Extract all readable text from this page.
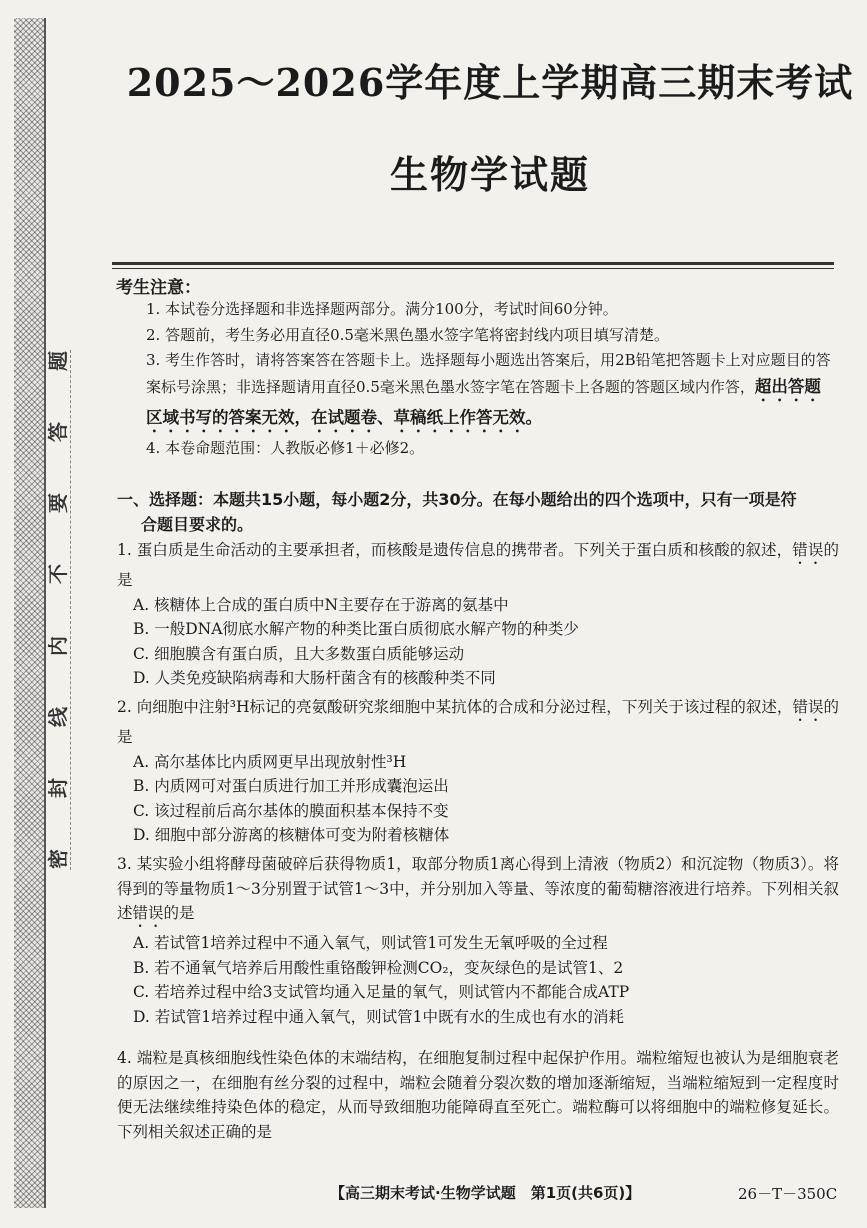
题
答
要
不
内
线
封
密
2025～2026学年度上学期高三期末考试
生物学试题
考生注意：

1. 本试卷分选择题和非选择题两部分。满分100分，考试时间60分钟。

2. 答题前，考生务必用直径0.5毫米黑色墨水签字笔将密封线内项目填写清楚。

3. 考生作答时，请将答案答在答题卡上。选择题每小题选出答案后，用2B铅笔把答题卡上对应题目的答案标号涂黑；非选择题请用直径0.5毫米黑色墨水签字笔在答题卡上各题的答题区域内作答，超出答题区域书写的答案无效，在试题卷、草稿纸上作答无效。

4. 本卷命题范围：人教版必修1＋必修2。

一、选择题：本题共15小题，每小题2分，共30分。在每小题给出的四个选项中，只有一项是符
合题目要求的。

1. 蛋白质是生命活动的主要承担者，而核酸是遗传信息的携带者。下列关于蛋白质和核酸的叙述，错误的是

A. 核糖体上合成的蛋白质中N主要存在于游离的氨基中

B. 一般DNA彻底水解产物的种类比蛋白质彻底水解产物的种类少

C. 细胞膜含有蛋白质，且大多数蛋白质能够运动

D. 人类免疫缺陷病毒和大肠杆菌含有的核酸种类不同

2. 向细胞中注射³H标记的亮氨酸研究浆细胞中某抗体的合成和分泌过程，下列关于该过程的叙述，错误的是

A. 高尔基体比内质网更早出现放射性³H

B. 内质网可对蛋白质进行加工并形成囊泡运出

C. 该过程前后高尔基体的膜面积基本保持不变

D. 细胞中部分游离的核糖体可变为附着核糖体

3. 某实验小组将酵母菌破碎后获得物质1，取部分物质1离心得到上清液（物质2）和沉淀物（物质3）。将得到的等量物质1～3分别置于试管1～3中，并分别加入等量、等浓度的葡萄糖溶液进行培养。下列相关叙述错误的是

A. 若试管1培养过程中不通入氧气，则试管1可发生无氧呼吸的全过程

B. 若不通氧气培养后用酸性重铬酸钾检测CO₂，变灰绿色的是试管1、2

C. 若培养过程中给3支试管均通入足量的氧气，则试管内不都能合成ATP

D. 若试管1培养过程中通入氧气，则试管1中既有水的生成也有水的消耗

4. 端粒是真核细胞线性染色体的末端结构，在细胞复制过程中起保护作用。端粒缩短也被认为是细胞衰老的原因之一，在细胞有丝分裂的过程中，端粒会随着分裂次数的增加逐渐缩短，当端粒缩短到一定程度时便无法继续维持染色体的稳定，从而导致细胞功能障碍直至死亡。端粒酶可以将细胞中的端粒修复延长。下列相关叙述正确的是

【高三期末考试·生物学试题　第1页(共6页)】	26－T－350C
